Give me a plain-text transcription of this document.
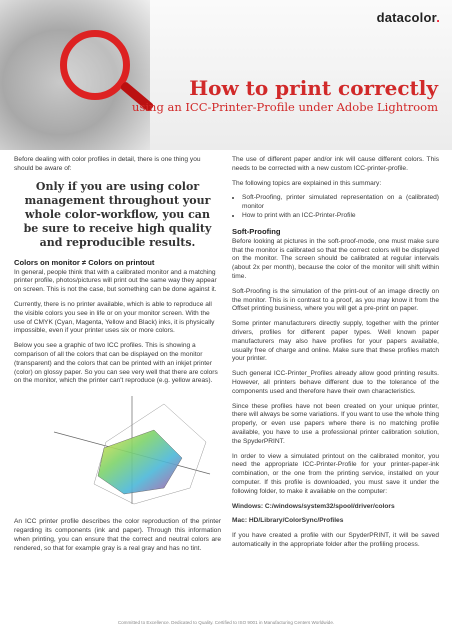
datacolor.
How to print correctly
using an ICC-Printer-Profile under Adobe Lightroom

Before dealing with color profiles in detail, there is one thing you should be aware of:

Only if you are using color management throughout your whole color-workflow, you can be sure to receive high quality and reproducible results.
Colors on monitor ≠ Colors on printout

In general, people think that with a calibrated monitor and a matching printer profile, photos/pictures will print out the same way they appear on screen. This is not the case, but something can be done against it.

Currently, there is no printer available, which is able to reproduce all the visible colors you see in life or on your monitor screen. With the use of CMYK (Cyan, Magenta, Yellow and Black) inks, it is physically impossible, even if your printer uses six or more colors.

Below you see a graphic of two ICC profiles. This is showing a comparison of all the colors that can be displayed on the monitor (transparent) and the colors that can be printed with an inkjet printer (color) on glossy paper. So you can see very well that there are colors on the monitor, which the printer can't reproduce (e.g. yellow areas).

An ICC printer profile describes the color reproduction of the printer regarding its components (ink and paper). Through this information when printing, you can ensure that the correct and neutral colors are rendered, so that for example gray is a real gray and has no tint.

The use of different paper and/or ink will cause different colors. This needs to be corrected with a new custom ICC-printer-profile.

The following topics are explained in this summary:

• Soft-Proofing, printer simulated representation on a (calibrated) monitor
• How to print with an ICC-Printer-Profile
Soft-Proofing

Before looking at pictures in the soft-proof-mode, one must make sure that the monitor is calibrated so that the correct colors will be displayed on the monitor. The screen should be calibrated at regular intervals (about 2x per month), because the color of the monitor will shift within time.

Soft-Proofing is the simulation of the print-out of an image directly on the monitor. This is in contrast to a proof, as you may know it from the Offset printing business, where you will get a pre-print on paper.

Some printer manufacturers directly supply, together with the printer drivers, profiles for different paper types. Well known paper manufacturers may also have profiles for your papers available, usually free of charge and online. Make sure that these profiles match your printer.

Such general ICC-Printer_Profiles already allow good printing results. However, all printers behave different due to the tolerance of the components used and therefore have their own characteristics.

Since these profiles have not been created on your unique printer, there will always be some variations. If you want to use the whole thing properly, or even use papers where there is no matching profile available, you have to use a professional printer calibration solution, the SpyderPRINT.

In order to view a simulated printout on the calibrated monitor, you need the appropriate ICC-Printer-Profile for your printer-paper-ink combination, or the one from the printing service, installed on your computer. If this profile is downloaded, you must save it under the following folder, to make it available on the computer:

Windows: C:/windows/system32/spool/driver/colors
Mac: HD/Library/ColorSync/Profiles

If you have created a profile with our SpyderPRINT, it will be saved automatically in the appropriate folder after the profiling process.

Committed to Excellence. Dedicated to Quality. Certified to ISO 9001 in Manufacturing Centers Worldwide.
